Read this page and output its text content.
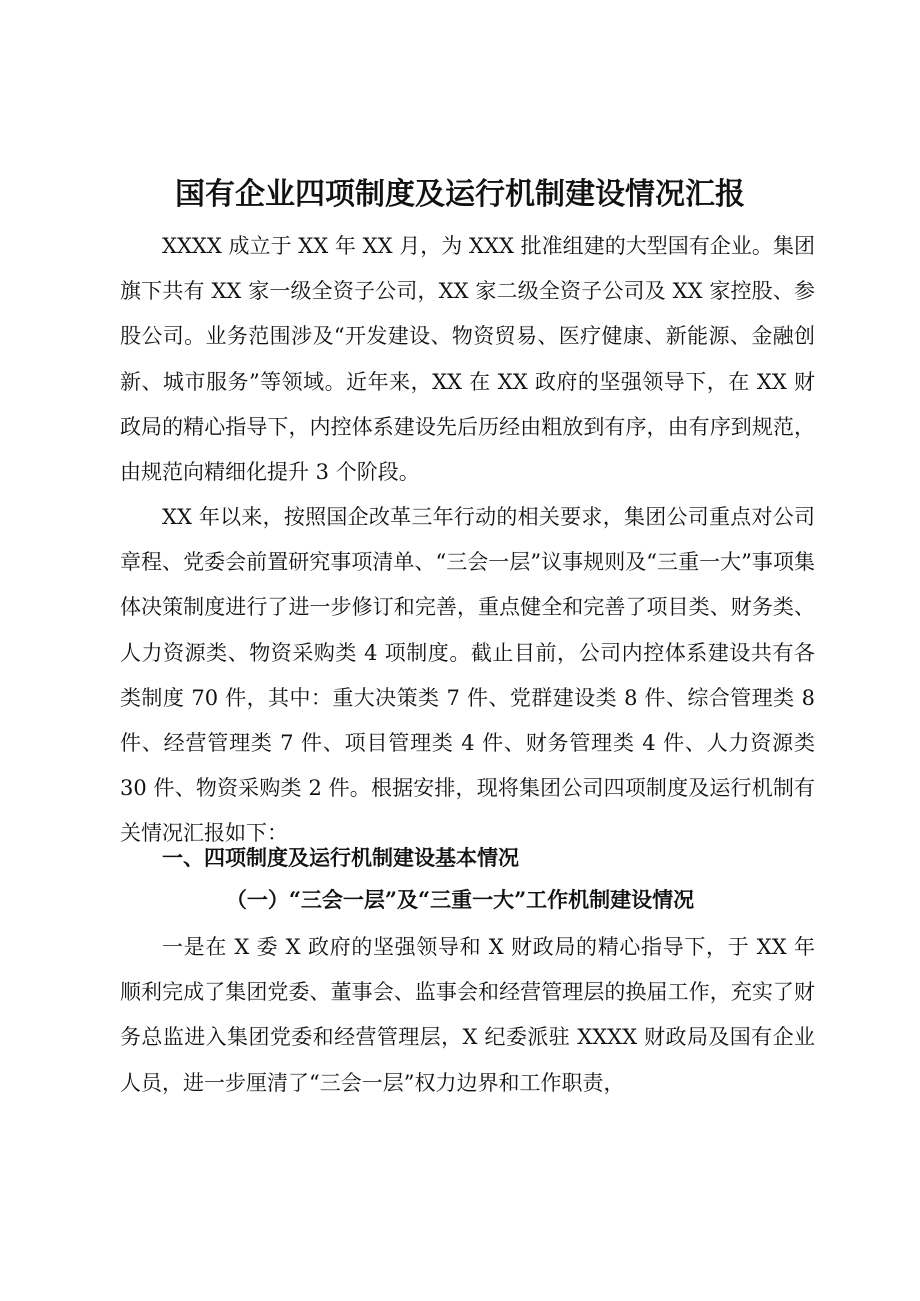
国有企业四项制度及运行机制建设情况汇报

XXXX 成立于 XX 年 XX 月，为 XXX 批准组建的大型国有企业。集团旗下共有 XX 家一级全资子公司，XX 家二级全资子公司及 XX 家控股、参股公司。业务范围涉及“开发建设、物资贸易、医疗健康、新能源、金融创新、城市服务”等领域。近年来，XX 在 XX 政府的坚强领导下，在 XX 财政局的精心指导下，内控体系建设先后历经由粗放到有序，由有序到规范，由规范向精细化提升 3 个阶段。

XX 年以来，按照国企改革三年行动的相关要求，集团公司重点对公司章程、党委会前置研究事项清单、“三会一层”议事规则及“三重一大”事项集体决策制度进行了进一步修订和完善，重点健全和完善了项目类、财务类、人力资源类、物资采购类 4 项制度。截止目前，公司内控体系建设共有各类制度 70 件，其中：重大决策类 7 件、党群建设类 8 件、综合管理类 8 件、经营管理类 7 件、项目管理类 4 件、财务管理类 4 件、人力资源类 30 件、物资采购类 2 件。根据安排，现将集团公司四项制度及运行机制有关情况汇报如下：

一、四项制度及运行机制建设基本情况
（一）“三会一层”及“三重一大”工作机制建设情况

一是在 X 委 X 政府的坚强领导和 X 财政局的精心指导下，于 XX 年顺利完成了集团党委、董事会、监事会和经营管理层的换届工作，充实了财务总监进入集团党委和经营管理层，X 纪委派驻 XXXX 财政局及国有企业人员，进一步厘清了“三会一层”权力边界和工作职责，
